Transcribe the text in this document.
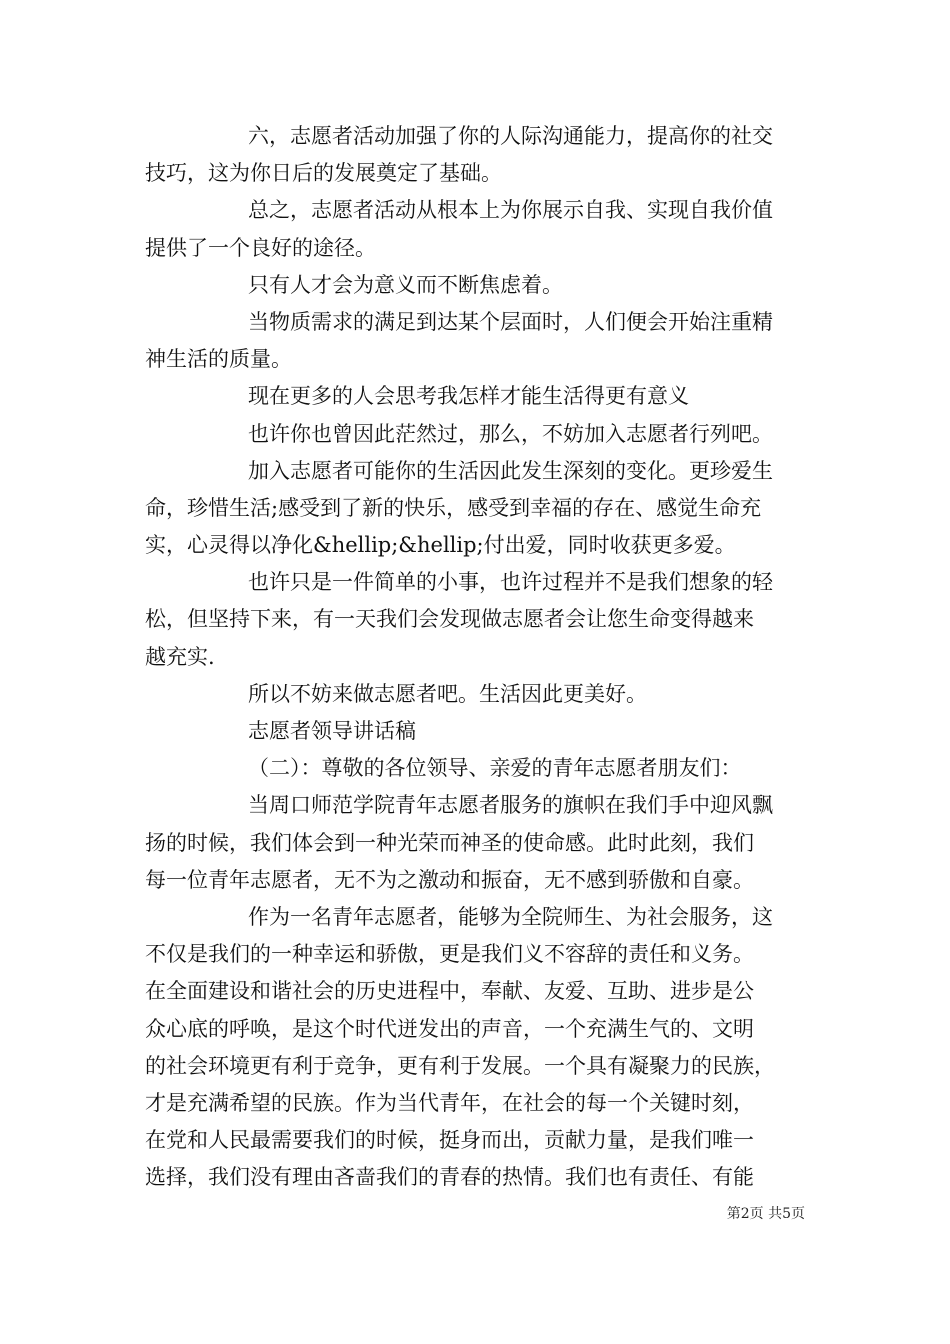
六，志愿者活动加强了你的人际沟通能力，提高你的社交
技巧，这为你日后的发展奠定了基础。
总之，志愿者活动从根本上为你展示自我、实现自我价值
提供了一个良好的途径。
只有人才会为意义而不断焦虑着。
当物质需求的满足到达某个层面时，人们便会开始注重精
神生活的质量。
现在更多的人会思考我怎样才能生活得更有意义
也许你也曾因此茫然过，那么，不妨加入志愿者行列吧。
加入志愿者可能你的生活因此发生深刻的变化。更珍爱生
命，珍惜生活;感受到了新的快乐，感受到幸福的存在、感觉生命充
实，心灵得以净化&hellip;&hellip;付出爱，同时收获更多爱。
也许只是一件简单的小事，也许过程并不是我们想象的轻
松，但坚持下来，有一天我们会发现做志愿者会让您生命变得越来
越充实.
所以不妨来做志愿者吧。生活因此更美好。
志愿者领导讲话稿
（二）：尊敬的各位领导、亲爱的青年志愿者朋友们：
当周口师范学院青年志愿者服务的旗帜在我们手中迎风飘
扬的时候，我们体会到一种光荣而神圣的使命感。此时此刻，我们
每一位青年志愿者，无不为之激动和振奋，无不感到骄傲和自豪。
作为一名青年志愿者，能够为全院师生、为社会服务，这
不仅是我们的一种幸运和骄傲，更是我们义不容辞的责任和义务。
在全面建设和谐社会的历史进程中，奉献、友爱、互助、进步是公
众心底的呼唤，是这个时代迸发出的声音，一个充满生气的、文明
的社会环境更有利于竞争，更有利于发展。一个具有凝聚力的民族，
才是充满希望的民族。作为当代青年，在社会的每一个关键时刻，
在党和人民最需要我们的时候，挺身而出，贡献力量，是我们唯一
选择，我们没有理由吝啬我们的青春的热情。我们也有责任、有能
第2页 共5页
